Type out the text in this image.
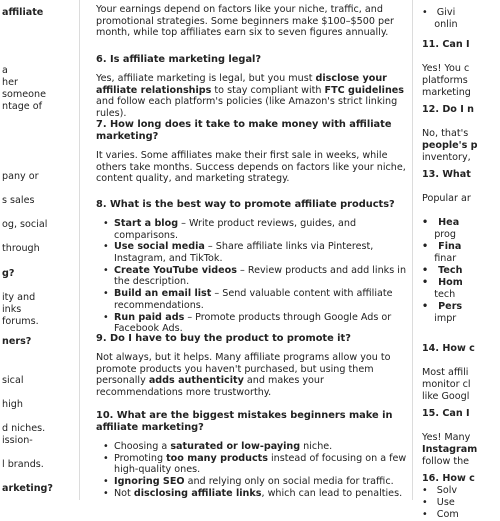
affiliate
a
her
someone
ntage of
pany or
s sales
og, social
through
g?
ity and
inks
forums.
ners?
sical
high
d niches.
ission-
l brands.
arketing?

Your earnings depend on factors like your niche, traffic, and promotional strategies. Some beginners make $100–$500 per month, while top affiliates earn six to seven figures annually.

6. Is affiliate marketing legal?

Yes, affiliate marketing is legal, but you must disclose your affiliate relationships to stay compliant with FTC guidelines and follow each platform's policies (like Amazon's strict linking rules).

7. How long does it take to make money with affiliate marketing?

It varies. Some affiliates make their first sale in weeks, while others take months. Success depends on factors like your niche, content quality, and marketing strategy.

8. What is the best way to promote affiliate products?
• Start a blog – Write product reviews, guides, and comparisons.
• Use social media – Share affiliate links via Pinterest, Instagram, and TikTok.
• Create YouTube videos – Review products and add links in the description.
• Build an email list – Send valuable content with affiliate recommendations.
• Run paid ads – Promote products through Google Ads or Facebook Ads.
9. Do I have to buy the product to promote it?

Not always, but it helps. Many affiliate programs allow you to promote products you haven't purchased, but using them personally adds authenticity and makes your recommendations more trustworthy.

10. What are the biggest mistakes beginners make in affiliate marketing?
• Choosing a saturated or low-paying niche.
• Promoting too many products instead of focusing on a few high-quality ones.
• Ignoring SEO and relying only on social media for traffic.
• Not disclosing affiliate links, which can lead to penalties.
•   Givi
onlin
11. Can I
Yes! You c
platforms
marketing
12. Do I n
No, that's
people's p
inventory,
13. What
Popular ar
•   Hea
prog
•   Fina
finar
•   Tech
•   Hom
tech
•   Pers
impr
14. How c
Most affili
monitor cl
like Googl
15. Can I
Yes! Many
Instagram
follow the
16. How c
•   Solv
•   Use
•   Com
